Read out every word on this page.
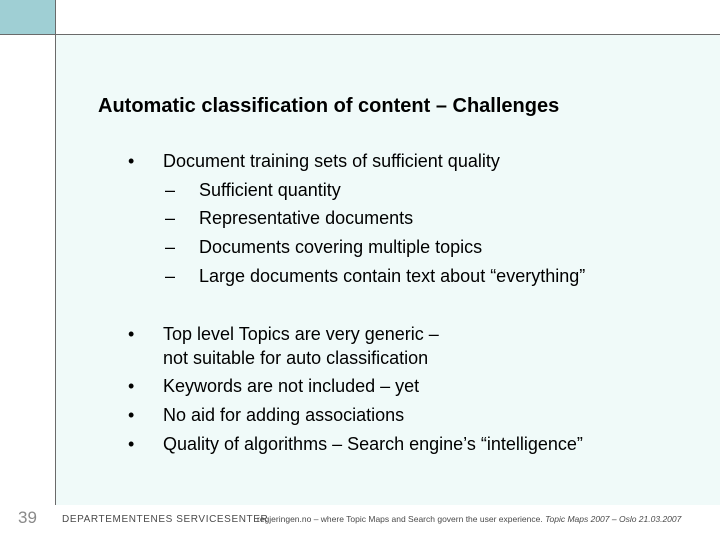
Automatic classification of content – Challenges
• Document training sets of sufficient quality
– Sufficient quantity
– Representative documents
– Documents covering multiple topics
– Large documents contain text about “everything”
• Top level Topics are very generic –
not suitable for auto classification
• Keywords are not included – yet
• No aid for adding associations
• Quality of algorithms – Search engine’s “intelligence”
39	DEPARTEMENTENES SERVICESENTER
regjeringen.no – where Topic Maps and Search govern the user experience. Topic Maps 2007 – Oslo 21.03.2007
